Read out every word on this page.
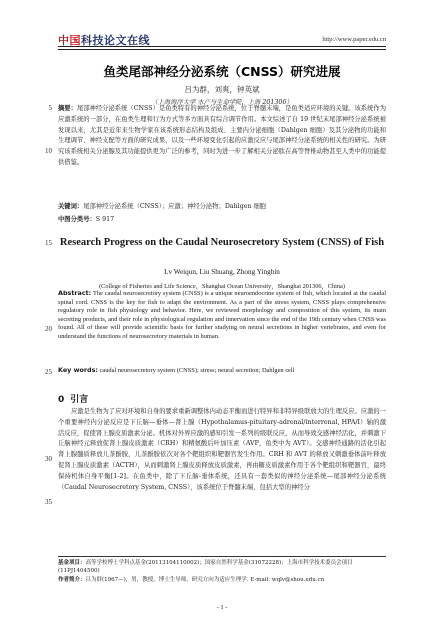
中国科技论文在线	http://www.paper.edu.cn
5
10
15
20
25
30
35
鱼类尾部神经分泌系统（CNSS）研究进展
吕为群，刘爽，钟英斌
（上海海洋大学 水产与生命学院，上海 201306）
摘要：尾部神经分泌系统（CNSS）是鱼类特有的神经分泌系统，位于脊髓末端，是鱼类适应环境的关键。该系统作为应激系统的一部分，在鱼类生理和行为方式等多方面具有综合调节作用。本文综述了自 19 世纪末尾部神经分泌系统被发现以来，尤其是近年来生物学家在该系统形态结构及组成、主要内分泌细胞（Dahlgen 细胞）及其分泌物的功能和生理调节、神经支配等方面的研究成果，以及一些环境变化引起的应激反应与尾部神经分泌系统的相关性的研究。为研究该系统相关分泌腺及其功能提供更为广泛的参考，同时为进一步了解相关分泌肽在高等脊椎动物甚至人类中的功能提供借鉴。
关键词：尾部神经分泌系统（CNSS）；应激；神经分泌物；Dahlgen 细胞
中图分类号：S 917
Research Progress on the Caudal Neurosecretory System (CNSS) of Fish
Lv Weiqun, Liu Shuang, Zhong Yingbin
(College of Fisheries and Life Science，Shanghai Ocean University，Shanghai 201306，China)
Abstract: The caudal neurosecretory system (CNSS) is a unique neuroendocrine system of fish, which located at the caudal spinal cord. CNSS is the key for fish to adapt the environment. As a part of the stress system, CNSS plays comprehensive regulatory role in fish physiology and behavior. Here, we reviewed morphology and composition of this system, its main secreting products, and their role in physiological regulation and innervation since the end of the 19th century when CNSS was found. All of these will provide scientific basis for further studying on neural secretions in higher vertebrates, and even for understand the functions of neurosecretory materials in human.
Key words: caudal neurosecretory system (CNSS); stress; neural secretion; Dahlgen cell
0 引言
应激是生物为了应对环境和自身的要求重新调整体内动态平衡而进行特异和非特异级联放大的生理反应。应激的一个重要神经内分泌反应是下丘脑—垂体—肾上腺（Hypothalamus-pituitary-adrenal/interrenal, HPA/I）轴的激活反应，促使肾上腺皮质激素分泌。机体对外界应激的感知引发一系列的级联反应，从而导致交感神经活化，并刺激下丘脑神经元释放促肾上腺皮质激素（CRH）和精氨酸后叶加压素（AVP，鱼类中为 AVT）。交感神经通路的活化引起肾上腺髓质释放儿茶酚胺，儿茶酚胺依次对各个靶组织和靶器官发生作用。CRH 和 AVT 的释放又刺激垂体前叶释放促肾上腺皮质激素（ACTH），从而刺激肾上腺皮质释放皮质激素，再由糖皮质激素作用于各个靶组织和靶器官，最终保持机体自身平衡[1-2]。在鱼类中，除了下丘脑-垂体系统，还具有一套类似的神经分泌系统—尾部神经分泌系统（Caudal Neurosecretory System, CNSS），该系统位于脊髓末端，包括大型的神经分
基金项目：高等学校博士学科点基金(20113104110002)；国家自然科学基金(31072228)；上海市科学技术委员会项目(11PJ1404500)
作者简介：吕为群(1967—)，男，教授，博士生导师，研究方向为适应生理学. E-mail: wqlv@shou.edu.cn
- 1 -
